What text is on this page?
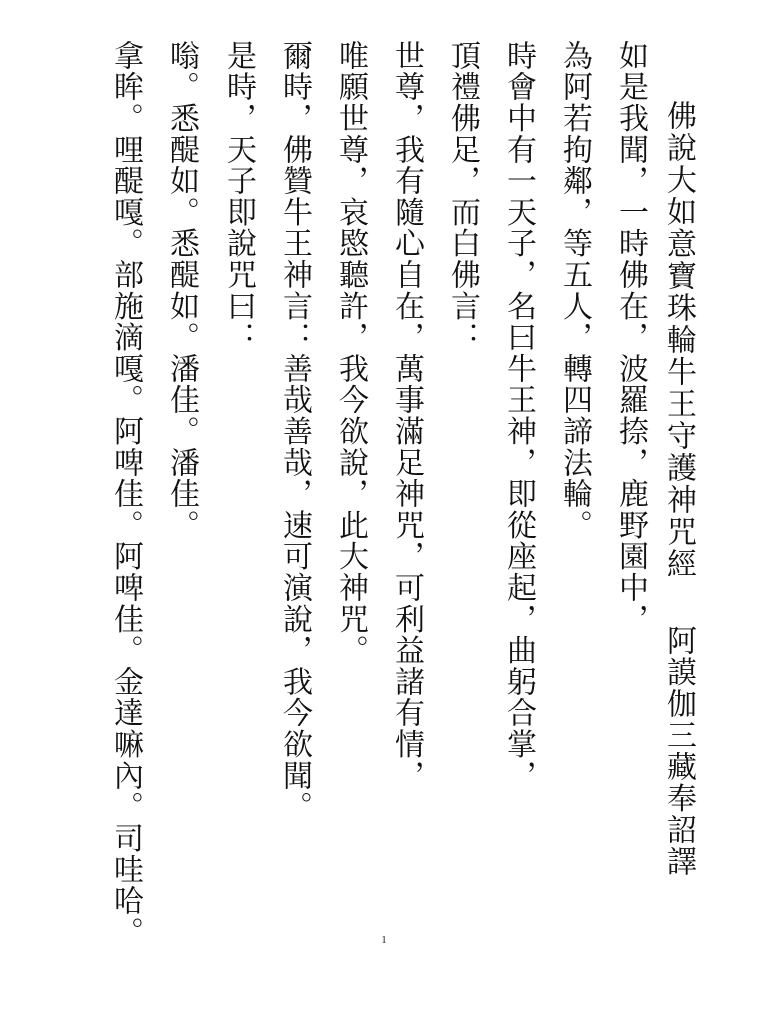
佛說大如意寶珠輪牛王守護神咒經
阿謨伽三藏奉詔譯
如是我聞，一時佛在，波羅捺，鹿野園中，
為阿若拘鄰，等五人，轉四諦法輪。
時會中有一天子，名曰牛王神，即從座起，曲躬合掌，
頂禮佛足，而白佛言：
世尊，我有隨心自在，萬事滿足神咒，可利益諸有情，
唯願世尊，哀愍聽許，我今欲說，此大神咒。
爾時，佛贊牛王神言：善哉善哉，速可演說，我今欲聞。
是時，天子即說咒曰：
嗡。悉醍如。悉醍如。潘佳。潘佳。
拿眸。哩醍嘎。部施滴嘎。阿啤佳。阿啤佳。金達嘛內。司哇哈。	1
